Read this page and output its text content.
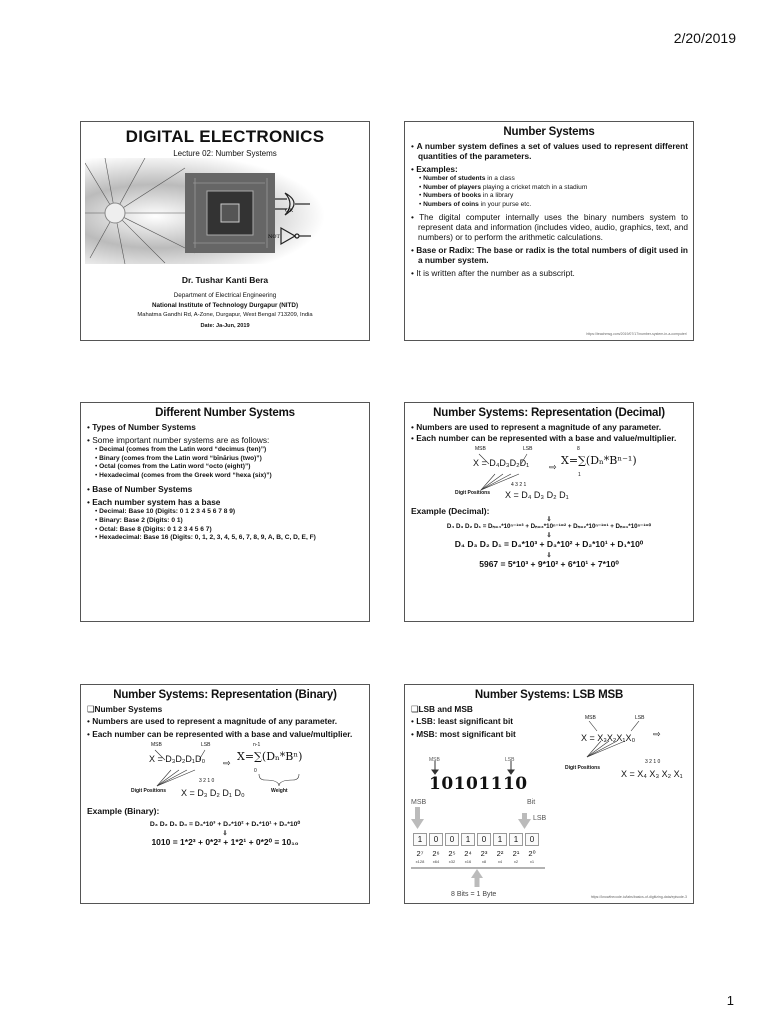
2/20/2019
DIGITAL ELECTRONICS
Lecture 02: Number Systems
OR
NOT
Dr. Tushar Kanti Bera
Department of Electrical Engineering
National Institute of Technology Durgapur (NITD)
Mahatma Gandhi Rd, A-Zone, Durgapur, West Bengal 713209, India
Date: Ja-Jun, 2019
Number Systems
• A number system defines a set of values used to represent different quantities of the parameters.
• Examples:
• Number of students in a class
• Number of players playing a cricket match in a stadium
• Numbers of books in a library
• Numbers of coins in your purse etc.
• The digital computer internally uses the binary numbers system to represent data and information (includes video, audio, graphics, text, and numbers) or to perform the arithmetic calculations.
• Base or Radix: The base or radix is the total numbers of digit used in a number system.
• It is written after the number as a subscript.
https://teachmsg.com/2019/07/17/number-system-in-a-computer/
Different Number Systems
• Types of Number Systems
• Some important number systems are as follows:
• Decimal (comes from the Latin word “decimus (ten)”)
• Binary (comes from the Latin word “bīnārius (two)”)
• Octal (comes from the Latin word “octo (eight)”)
• Hexadecimal (comes from the Greek word “hexa (six)”)
• Base of Number Systems
• Each number system has a base
• Decimal: Base 10 (Digits: 0 1 2 3 4 5 6 7 8 9)
• Binary: Base 2 (Digits: 0 1)
• Octal: Base 8 (Digits: 0 1 2 3 4 5 6 7)
• Hexadecimal: Base 16 (Digits: 0, 1, 2, 3, 4, 5, 6, 7, 8, 9, A, B, C, D, E, F)
Number Systems: Representation (Decimal)
• Numbers are used to represent a magnitude of any parameter.
• Each number can be represented with a base and value/multiplier.
MSB	LSB
⇨
X = D₄D₃D₂D₁
8
X=∑(Dₙ*Bⁿ⁻¹)
1
4 3 2 1
Digit Positions X = D₄ D₃ D₂ D₁
Example (Decimal):
⇩
D₄ D₃ D₂ D₁ = Dₙ₌₄*10ⁿ⁻¹⁼³ + Dₙ₌₃*10ⁿ⁻¹⁼² + Dₙ₌₂*10ⁿ⁻¹⁼¹ + Dₙ₌₁*10ⁿ⁻¹⁼⁰
⇩
D₄ D₃ D₂ D₁ = D₄*10³ + D₃*10² + D₂*10¹ + D₁*10⁰
⇩
5967 = 5*10³ + 9*10² + 6*10¹ + 7*10⁰
Number Systems: Representation (Binary)
❑Number Systems
• Numbers are used to represent a magnitude of any parameter.
• Each number can be represented with a base and value/multiplier.
MSB	LSB
⇨
X = D₃D₂D₁D₀
n-1
X=∑(Dₙ*Bⁿ)
0
3 2 1 0
Digit Positions	Weight
X = D₃ D₂ D₁ D₀
Example (Binary):
D₃ D₂ D₁ D₀ = D₃*10³ + D₂*10² + D₁*10¹ + D₀*10⁰
⇩
1010 = 1*2³ + 0*2² + 1*2¹ + 0*2⁰ ≡ 10₁₀
Number Systems: LSB MSB
❑LSB and MSB
• LSB: least significant bit
• MSB: most significant bit
MSB	LSB
⇨
X = X₃X₂X₁X₀
3 2 1 0
Digit Positions
X = X₄ X₃ X₂ X₁
MSB	LSB
10101110
MSB	Bit
LSB
1	0	0	1	0	1	1	0
2⁷	2⁶	2⁵	2⁴	2³	2²	2¹	2⁰
x128	x64	x32	x16	x8	x4	x2	x1
8 Bits = 1 Byte	https://knowthecode.io/labs/basics-of-digitizing-data/episode-3
1
